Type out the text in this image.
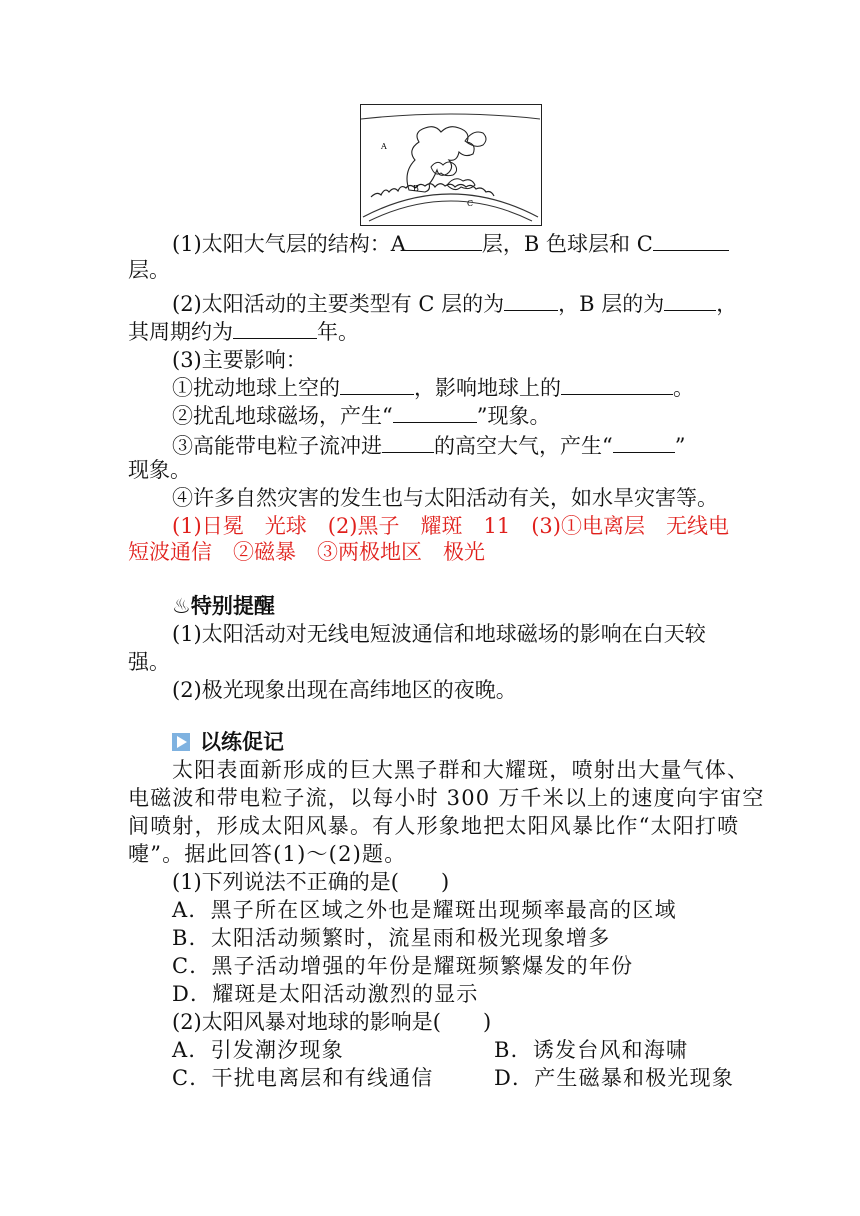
A
B
C
(1)太阳大气层的结构：A	层，B 色球层和 C
层。
(2)太阳活动的主要类型有 C 层的为	，B 层的为 ，
其周期约为	年。
(3)主要影响：
①扰动地球上空的	，影响地球上的	。
②扰乱地球磁场，产生“	”现象。
③高能带电粒子流冲进 的高空大气，产生“	”
现象。
④许多自然灾害的发生也与太阳活动有关，如水旱灾害等。
(1)日冕　光球　(2)黑子　耀斑　11　(3)①电离层　无线电
短波通信　②磁暴　③两极地区　极光
♨特别提醒
(1)太阳活动对无线电短波通信和地球磁场的影响在白天较
强。
(2)极光现象出现在高纬地区的夜晚。
以练促记
太阳表面新形成的巨大黑子群和大耀斑，喷射出大量气体、
电磁波和带电粒子流，以每小时 300 万千米以上的速度向宇宙空
间喷射，形成太阳风暴。有人形象地把太阳风暴比作“太阳打喷
嚏”。据此回答(1)～(2)题。
(1)下列说法不正确的是(　　)
A．黑子所在区域之外也是耀斑出现频率最高的区域
B．太阳活动频繁时，流星雨和极光现象增多
C．黑子活动增强的年份是耀斑频繁爆发的年份
D．耀斑是太阳活动激烈的显示
(2)太阳风暴对地球的影响是(　　)
A．引发潮汐现象	B．诱发台风和海啸
C．干扰电离层和有线通信	D．产生磁暴和极光现象
